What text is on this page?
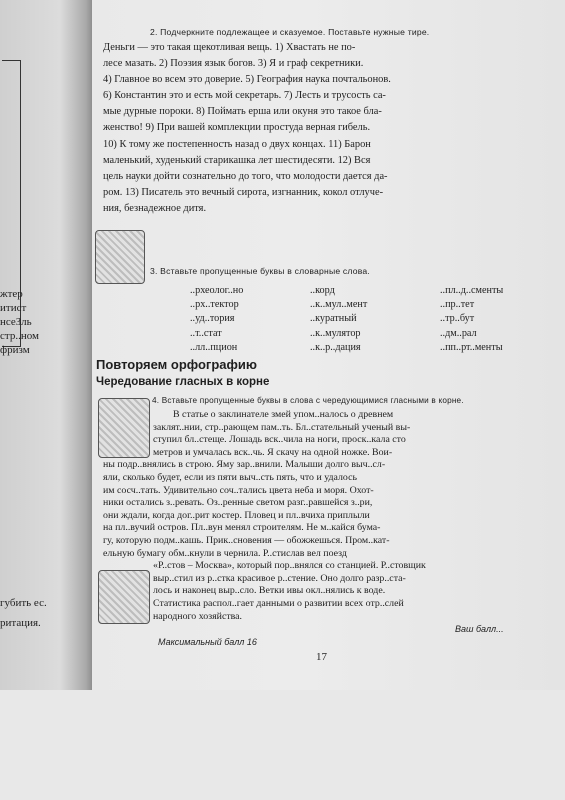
жтер
итист
нсеЗль
стр..ном
фризм
губить ес.
ритация.
2. Подчеркните подлежащее и сказуемое. Поставьте нужные тире.
Деньги — это такая щекотливая вещь. 1) Хвастать не по-
лесе мазать. 2) Поэзия язык богов. 3) Я и граф секретники.
4) Главное во всем это доверие. 5) География наука почтальонов.
6) Константин это и есть мой секретарь. 7) Лесть и трусость са-
мые дурные пороки. 8) Поймать ерша или окуня это такое бла-
женство! 9) При вашей комплекции простуда верная гибель.
10) К тому же постепенность назад о двух концах. 11) Барон
маленький, худенький старикашка лет шестидесяти. 12) Вся
цель науки дойти сознательно до того, что молодости дается да-
ром. 13) Писатель это вечный сирота, изгнанник, кокол отлуче-
ния, безнадежное дитя.
3. Вставьте пропущенные буквы в словарные слова.
..рхеолог..но
..рх..тектор
..уд..тория
..т..стат
..лл..пцион
..корд
..к..мул..мент
..куратный
..к..мулятор
..к..р..дация
..пл..д..сменты
..пр..тет
..тр..бут
..дм..рал
..пп..рт..менты
Повторяем орфографию
Чередование гласных в корне
4. Вставьте пропущенные буквы в слова с чередующимися гласными в корне.
В статье о заклинателе змей упом..налось о древнем
заклят..нии, стр..рающем пам..ть. Бл..стательный ученый вы-
ступил бл..стеще. Лошадь вск..чила на ноги, проск..кала сто
метров и умчалась вск..чь. Я скачу на одной ножке. Вои-
ны подр..внялись в строю. Яму зар..внили. Малыши долго выч..сл-
яли, сколько будет, если из пяти выч..сть пять, что и удалось
им сосч..тать. Удивительно соч..тались цвета неба и моря. Охот-
ники остались з..ревать. Оз..ренные светом разг..равшейся з..ри,
они ждали, когда дог..рит костер. Пловец и пл..вчиха приплыли
на пл..вучий остров. Пл..вун менял строителям. Не м..кайся бума-
гу, которую подм..кашь. Прик..сновения — обожжешься. Пром..кат-
ельную бумагу обм..кнули в чернила. Р..стислав вел поезд
«Р..стов – Москва», который пор..внялся со станцией. Р..стовщик
выр..стил из р..стка красивое р..стение. Оно долго разр..ста-
лось и наконец выр..сло. Ветки ивы окл..нялись к воде.
Статистика распол..гает данными о развитии всех отр..слей
народного хозяйства.
Максимальный балл 16
Ваш балл...
17
